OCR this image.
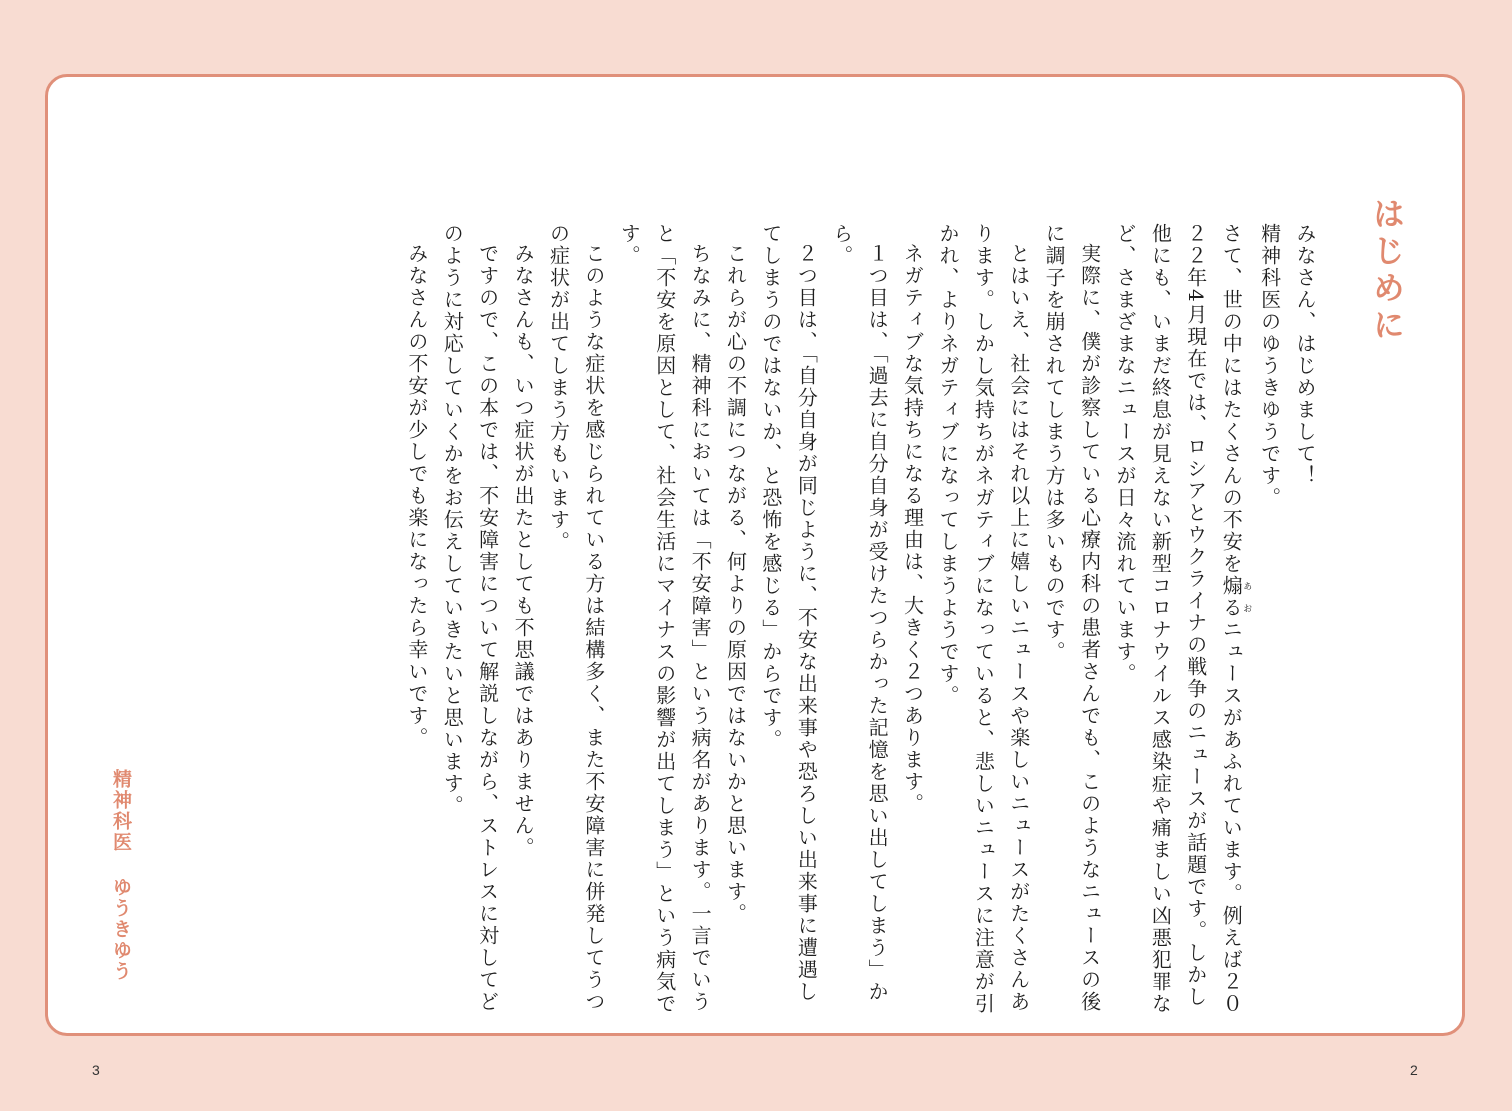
はじめに

みなさん、はじめまして！

精神科医のゆうきゆうです。

さて、世の中にはたくさんの不安を煽るあおニュースがあふれています。例えば２０２２年4月現在では、ロシアとウクライナの戦争のニュースが話題です。しかし他にも、いまだ終息が見えない新型コロナウイルス感染症や痛ましい凶悪犯罪など、さまざまなニュースが日々流れています。

実際に、僕が診察している心療内科の患者さんでも、このようなニュースの後に調子を崩されてしまう方は多いものです。

とはいえ、社会にはそれ以上に嬉しいニュースや楽しいニュースがたくさんあります。しかし気持ちがネガティブになっていると、悲しいニュースに注意が引かれ、よりネガティブになってしまうようです。

ネガティブな気持ちになる理由は、大きく２つあります。

１つ目は、「過去に自分自身が受けたつらかった記憶を思い出してしまう」から。

２つ目は、「自分自身が同じように、不安な出来事や恐ろしい出来事に遭遇してしまうのではないか、と恐怖を感じる」からです。

これらが心の不調につながる、何よりの原因ではないかと思います。

ちなみに、精神科においては「不安障害」という病名があります。一言でいうと「不安を原因として、社会生活にマイナスの影響が出てしまう」という病気です。

このような症状を感じられている方は結構多く、また不安障害に併発してうつの症状が出てしまう方もいます。

みなさんも、いつ症状が出たとしても不思議ではありません。

ですので、この本では、不安障害について解説しながら、ストレスに対してどのように対応していくかをお伝えしていきたいと思います。

みなさんの不安が少しでも楽になったら幸いです。

精神科医ゆうきゆう
3	2
